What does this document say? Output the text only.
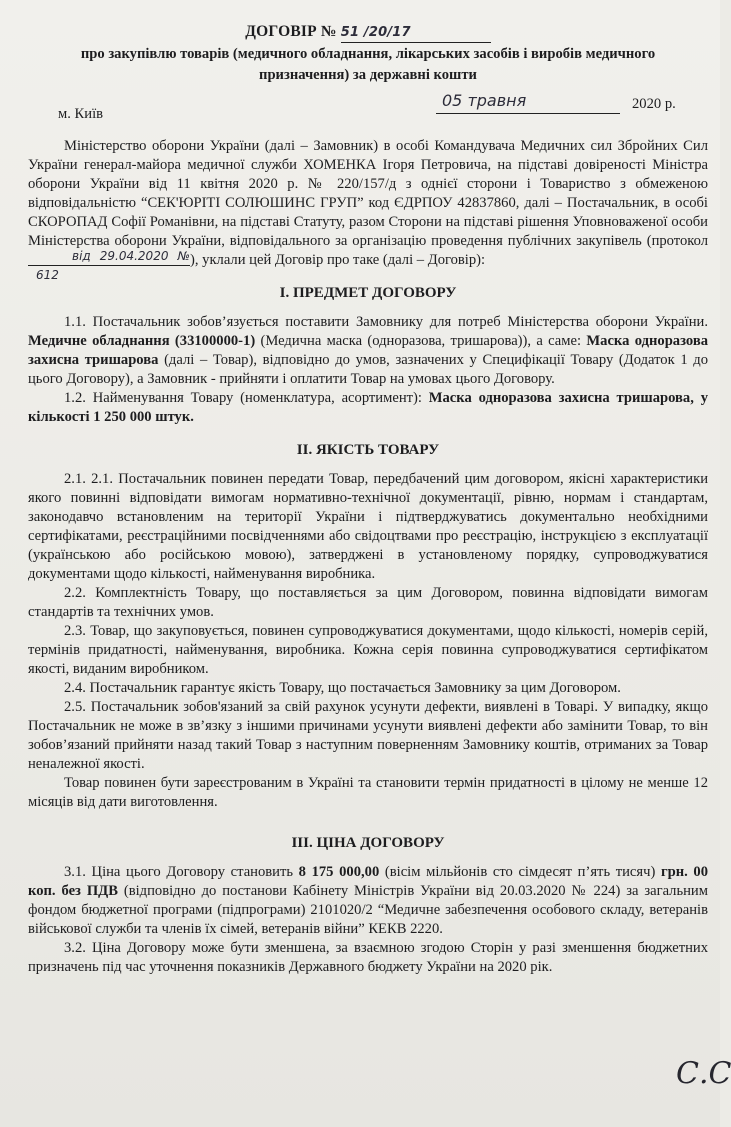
ДОГОВІР № 51 /20/17

про закупівлю товарів (медичного обладнання, лікарських засобів і виробів медичного

призначення) за державні кошти

м. Київ
05 травня	2020 р.

Міністерство оборони України (далі – Замовник) в особі Командувача Медичних сил Збройних Сил України генерал-майора медичної служби ХОМЕНКА Ігоря Петровича, на підставі довіреності Міністра оборони України від 11 квітня 2020 р. № 220/157/д з однієї сторони і Товариство з обмеженою відповідальністю “СЕК'ЮРІТІ СОЛЮШИНС ГРУП” код ЄДРПОУ 42837860, далі – Постачальник, в особі СКОРОПАД Софії Романівни, на підставі Статуту, разом Сторони на підставі рішення Уповноваженої особи Міністерства оборони України, відповідального за організацію проведення публічних закупівель (протокол
від 29.04.2020 № 612
), уклали цей Договір про таке (далі – Договір):

І. ПРЕДМЕТ ДОГОВОРУ

1.1. Постачальник зобов’язується поставити Замовнику для потреб Міністерства оборони України. Медичне обладнання (33100000-1) (Медична маска (одноразова, тришарова)), а саме: Маска одноразова захисна тришарова (далі – Товар), відповідно до умов, зазначених у Специфікації Товару (Додаток 1 до цього Договору), а Замовник - прийняти і оплатити Товар на умовах цього Договору.

1.2. Найменування Товару (номенклатура, асортимент): Маска одноразова захисна тришарова, у кількості 1 250 000 штук.

ІІ. ЯКІСТЬ ТОВАРУ

2.1. 2.1. Постачальник повинен передати Товар, передбачений цим договором, якісні характеристики якого повинні відповідати вимогам нормативно-технічної документації, рівню, нормам і стандартам, законодавчо встановленим на території України і підтверджуватись документально необхідними сертифікатами, реєстраційними посвідченнями або свідоцтвами про реєстрацію, інструкцією з експлуатації (українською або російською мовою), затверджені в установленому порядку, супроводжуватися документами щодо кількості, найменування виробника.

2.2. Комплектність Товару, що поставляється за цим Договором, повинна відповідати вимогам стандартів та технічних умов.

2.3. Товар, що закуповується, повинен супроводжуватися документами, щодо кількості, номерів серій, термінів придатності, найменування, виробника. Кожна серія повинна супроводжуватися сертифікатом якості, виданим виробником.

2.4. Постачальник гарантує якість Товару, що постачається Замовнику за цим Договором.

2.5. Постачальник зобов'язаний за свій рахунок усунути дефекти, виявлені в Товарі. У випадку, якщо Постачальник не може в зв’язку з іншими причинами усунути виявлені дефекти або замінити Товар, то він зобов’язаний прийняти назад такий Товар з наступним поверненням Замовнику коштів, отриманих за Товар неналежної якості.

Товар повинен бути зареєстрованим в Україні та становити термін придатності в цілому не менше 12 місяців від дати виготовлення.

ІІІ. ЦІНА ДОГОВОРУ

3.1. Ціна цього Договору становить 8 175 000,00 (вісім мільйонів сто сімдесят п’ять тисяч) грн. 00 коп. без ПДВ (відповідно до постанови Кабінету Міністрів України від 20.03.2020 № 224) за загальним фондом бюджетної програми (підпрограми) 2101020/2 “Медичне забезпечення особового складу, ветеранів військової служби та членів їх сімей, ветеранів війни” КЕКВ 2220.

3.2. Ціна Договору може бути зменшена, за взаємною згодою Сторін у разі зменшення бюджетних призначень під час уточнення показників Державного бюджету України на 2020 рік.

С.С
